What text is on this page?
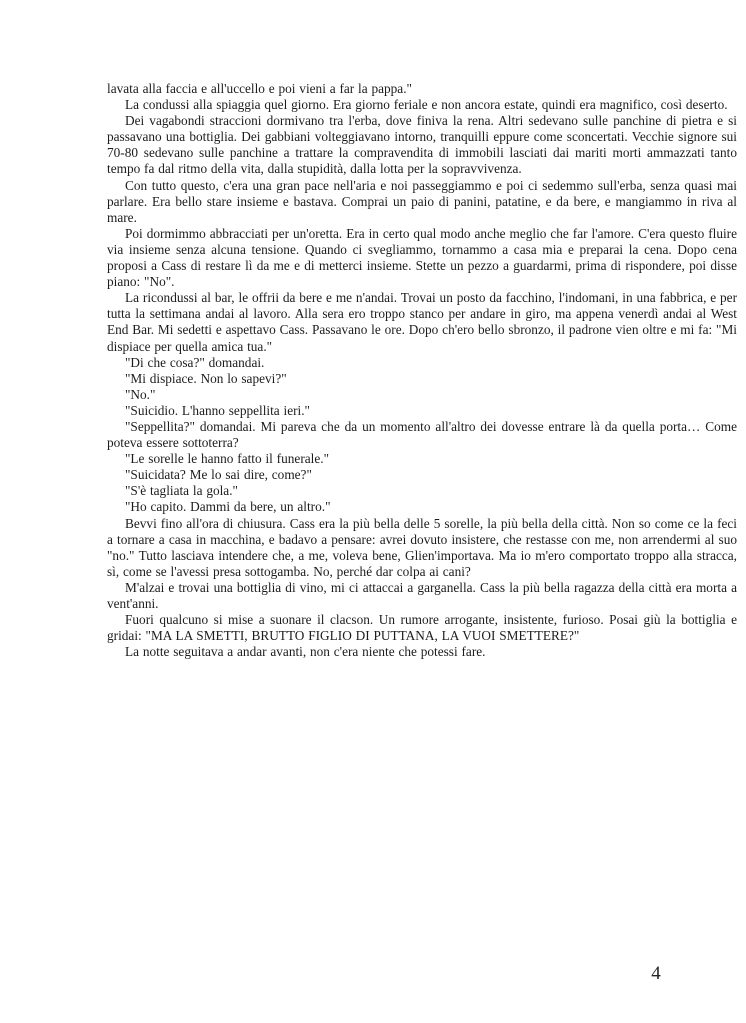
lavata alla faccia e all'uccello e poi vieni a far la pappa."

La condussi alla spiaggia quel giorno. Era giorno feriale e non ancora estate, quindi era magnifico, così deserto.

Dei vagabondi straccioni dormivano tra l'erba, dove finiva la rena. Altri sedevano sulle panchine di pietra e si passavano una bottiglia. Dei gabbiani volteggiavano intorno, tranquilli eppure come sconcertati. Vecchie signore sui 70-80 sedevano sulle panchine a trattare la compravendita di immobili lasciati dai mariti morti ammazzati tanto tempo fa dal ritmo della vita, dalla stupidità, dalla lotta per la sopravvivenza.

Con tutto questo, c'era una gran pace nell'aria e noi passeggiammo e poi ci sedemmo sull'erba, senza quasi mai parlare. Era bello stare insieme e bastava. Comprai un paio di panini, patatine, e da bere, e mangiammo in riva al mare.

Poi dormimmo abbracciati per un'oretta. Era in certo qual modo anche meglio che far l'amore. C'era questo fluire via insieme senza alcuna tensione. Quando ci svegliammo, tornammo a casa mia e preparai la cena. Dopo cena proposi a Cass di restare lì da me e di metterci insieme. Stette un pezzo a guardarmi, prima di rispondere, poi disse piano: "No".

La ricondussi al bar, le offrii da bere e me n'andai. Trovai un posto da facchino, l'indomani, in una fabbrica, e per tutta la settimana andai al lavoro. Alla sera ero troppo stanco per andare in giro, ma appena venerdì andai al West End Bar. Mi sedetti e aspettavo Cass. Passavano le ore. Dopo ch'ero bello sbronzo, il padrone vien oltre e mi fa: "Mi dispiace per quella amica tua."

"Di che cosa?" domandai.

"Mi dispiace. Non lo sapevi?"

"No."

"Suicidio. L'hanno seppellita ieri."

"Seppellita?" domandai. Mi pareva che da un momento all'altro dei dovesse entrare là da quella porta… Come poteva essere sottoterra?

"Le sorelle le hanno fatto il funerale."

"Suicidata? Me lo sai dire, come?"

"S'è tagliata la gola."

"Ho capito. Dammi da bere, un altro."

Bevvi fino all'ora di chiusura. Cass era la più bella delle 5 sorelle, la più bella della città. Non so come ce la feci a tornare a casa in macchina, e badavo a pensare: avrei dovuto insistere, che restasse con me, non arrendermi al suo "no." Tutto lasciava intendere che, a me, voleva bene, Glien'importava. Ma io m'ero comportato troppo alla stracca, sì, come se l'avessi presa sottogamba. No, perché dar colpa ai cani?

M'alzai e trovai una bottiglia di vino, mi ci attaccai a garganella. Cass la più bella ragazza della città era morta a vent'anni.

Fuori qualcuno si mise a suonare il clacson. Un rumore arrogante, insistente, furioso. Posai giù la bottiglia e gridai: "MA LA SMETTI, BRUTTO FIGLIO DI PUTTANA, LA VUOI SMETTERE?"

La notte seguitava a andar avanti, non c'era niente che potessi fare.

4
